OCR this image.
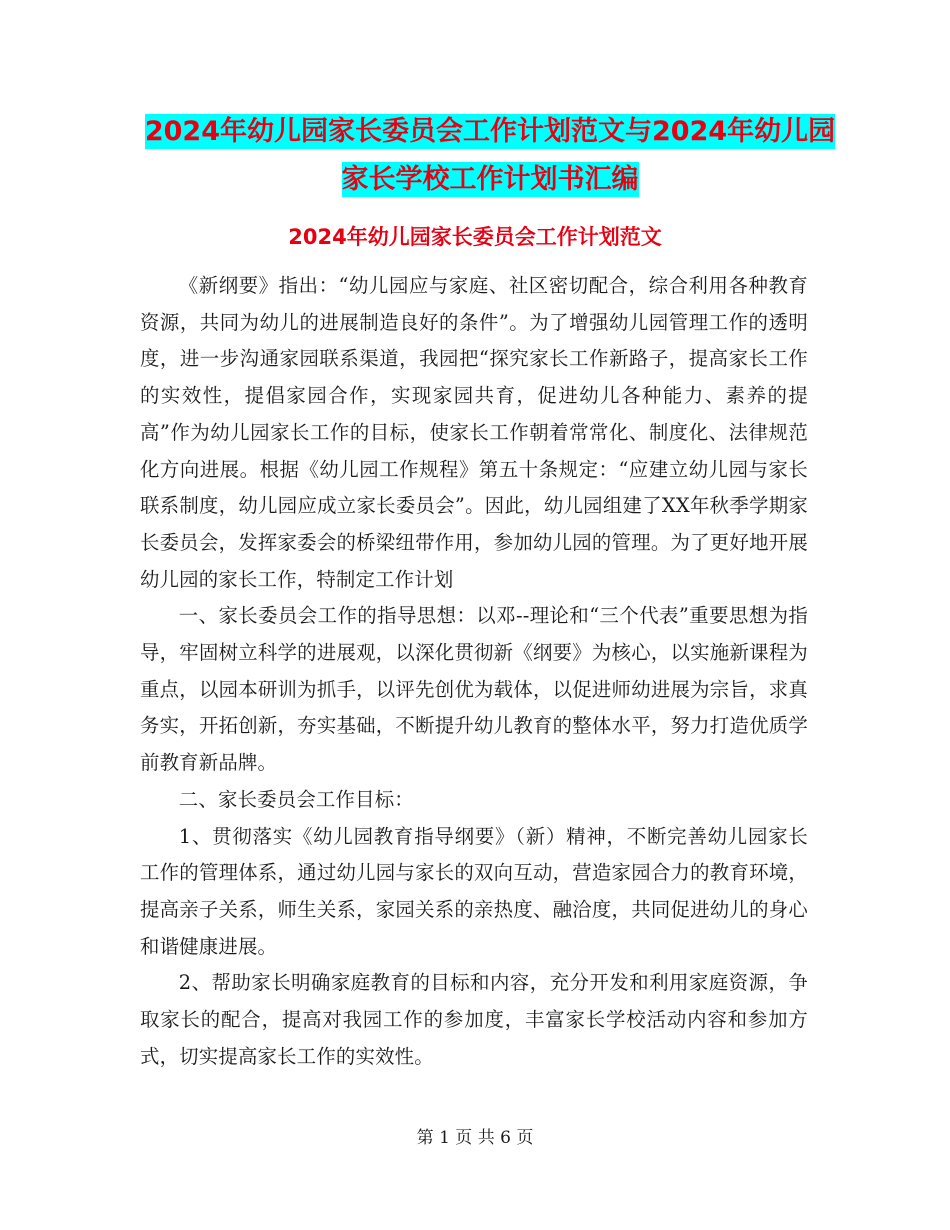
2024年幼儿园家长委员会工作计划范文与2024年幼儿园家长学校工作计划书汇编
2024年幼儿园家长委员会工作计划范文

《新纲要》指出：“幼儿园应与家庭、社区密切配合，综合利用各种教育资源，共同为幼儿的进展制造良好的条件”。为了增强幼儿园管理工作的透明度，进一步沟通家园联系渠道，我园把“探究家长工作新路子，提高家长工作的实效性，提倡家园合作，实现家园共育，促进幼儿各种能力、素养的提高”作为幼儿园家长工作的目标，使家长工作朝着常常化、制度化、法律规范化方向进展。根据《幼儿园工作规程》第五十条规定：“应建立幼儿园与家长联系制度，幼儿园应成立家长委员会”。因此，幼儿园组建了XX年秋季学期家长委员会，发挥家委会的桥梁纽带作用，参加幼儿园的管理。为了更好地开展幼儿园的家长工作，特制定工作计划

一、家长委员会工作的指导思想：以邓--理论和“三个代表”重要思想为指导，牢固树立科学的进展观，以深化贯彻新《纲要》为核心，以实施新课程为重点，以园本研训为抓手，以评先创优为载体，以促进师幼进展为宗旨，求真务实，开拓创新，夯实基础，不断提升幼儿教育的整体水平，努力打造优质学前教育新品牌。

二、家长委员会工作目标：

1、贯彻落实《幼儿园教育指导纲要》（新）精神，不断完善幼儿园家长工作的管理体系，通过幼儿园与家长的双向互动，营造家园合力的教育环境，提高亲子关系，师生关系，家园关系的亲热度、融洽度，共同促进幼儿的身心和谐健康进展。

2、帮助家长明确家庭教育的目标和内容，充分开发和利用家庭资源，争取家长的配合，提高对我园工作的参加度，丰富家长学校活动内容和参加方式，切实提高家长工作的实效性。

第 1 页 共 6 页
